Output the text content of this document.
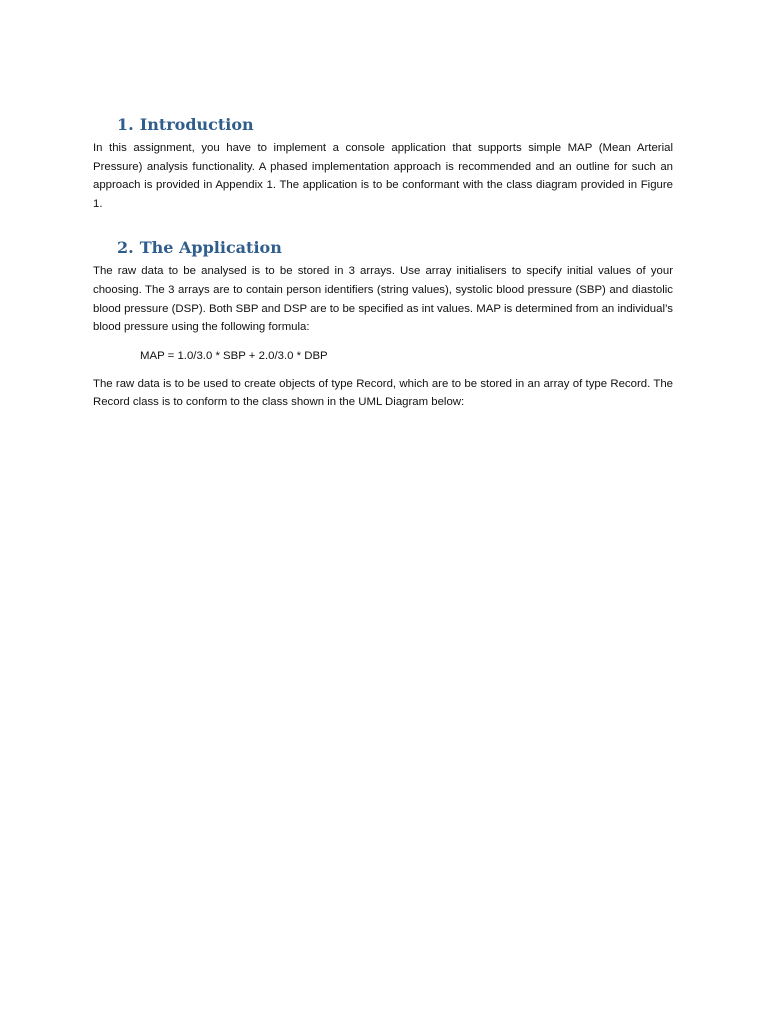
1. Introduction

In this assignment, you have to implement a console application that supports simple MAP (Mean Arterial Pressure) analysis functionality. A phased implementation approach is recommended and an outline for such an approach is provided in Appendix 1. The application is to be conformant with the class diagram provided in Figure 1.

2. The Application

The raw data to be analysed is to be stored in 3 arrays. Use array initialisers to specify initial values of your choosing. The 3 arrays are to contain person identifiers (string values), systolic blood pressure (SBP) and diastolic blood pressure (DSP). Both SBP and DSP are to be specified as int values. MAP is determined from an individual’s blood pressure using the following formula:

MAP = 1.0/3.0 * SBP + 2.0/3.0 * DBP

The raw data is to be used to create objects of type Record, which are to be stored in an array of type Record. The Record class is to conform to the class shown in the UML Diagram below:
